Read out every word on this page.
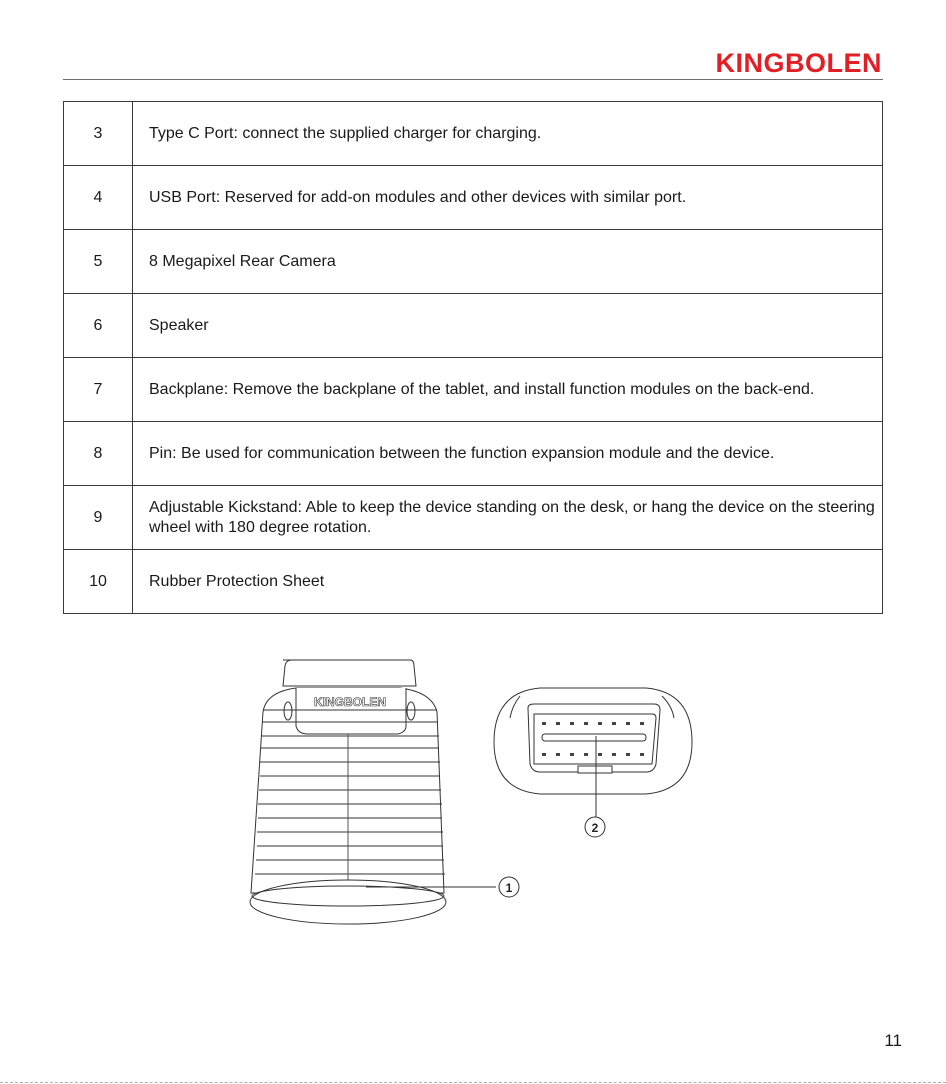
KINGBOLEN
3	Type C Port: connect the supplied charger for charging.
4	USB Port: Reserved for add-on modules and other devices with similar port.
5	8 Megapixel Rear Camera
6	Speaker
7	Backplane: Remove the backplane of the tablet, and install function modules on the back-end.
8	Pin: Be used for communication between the function expansion module and the device.
9	Adjustable Kickstand: Able to keep the device standing on the desk, or hang the device on the steering wheel with 180 degree rotation.
10	Rubber Protection Sheet
KINGBOLEN
1
2
11
